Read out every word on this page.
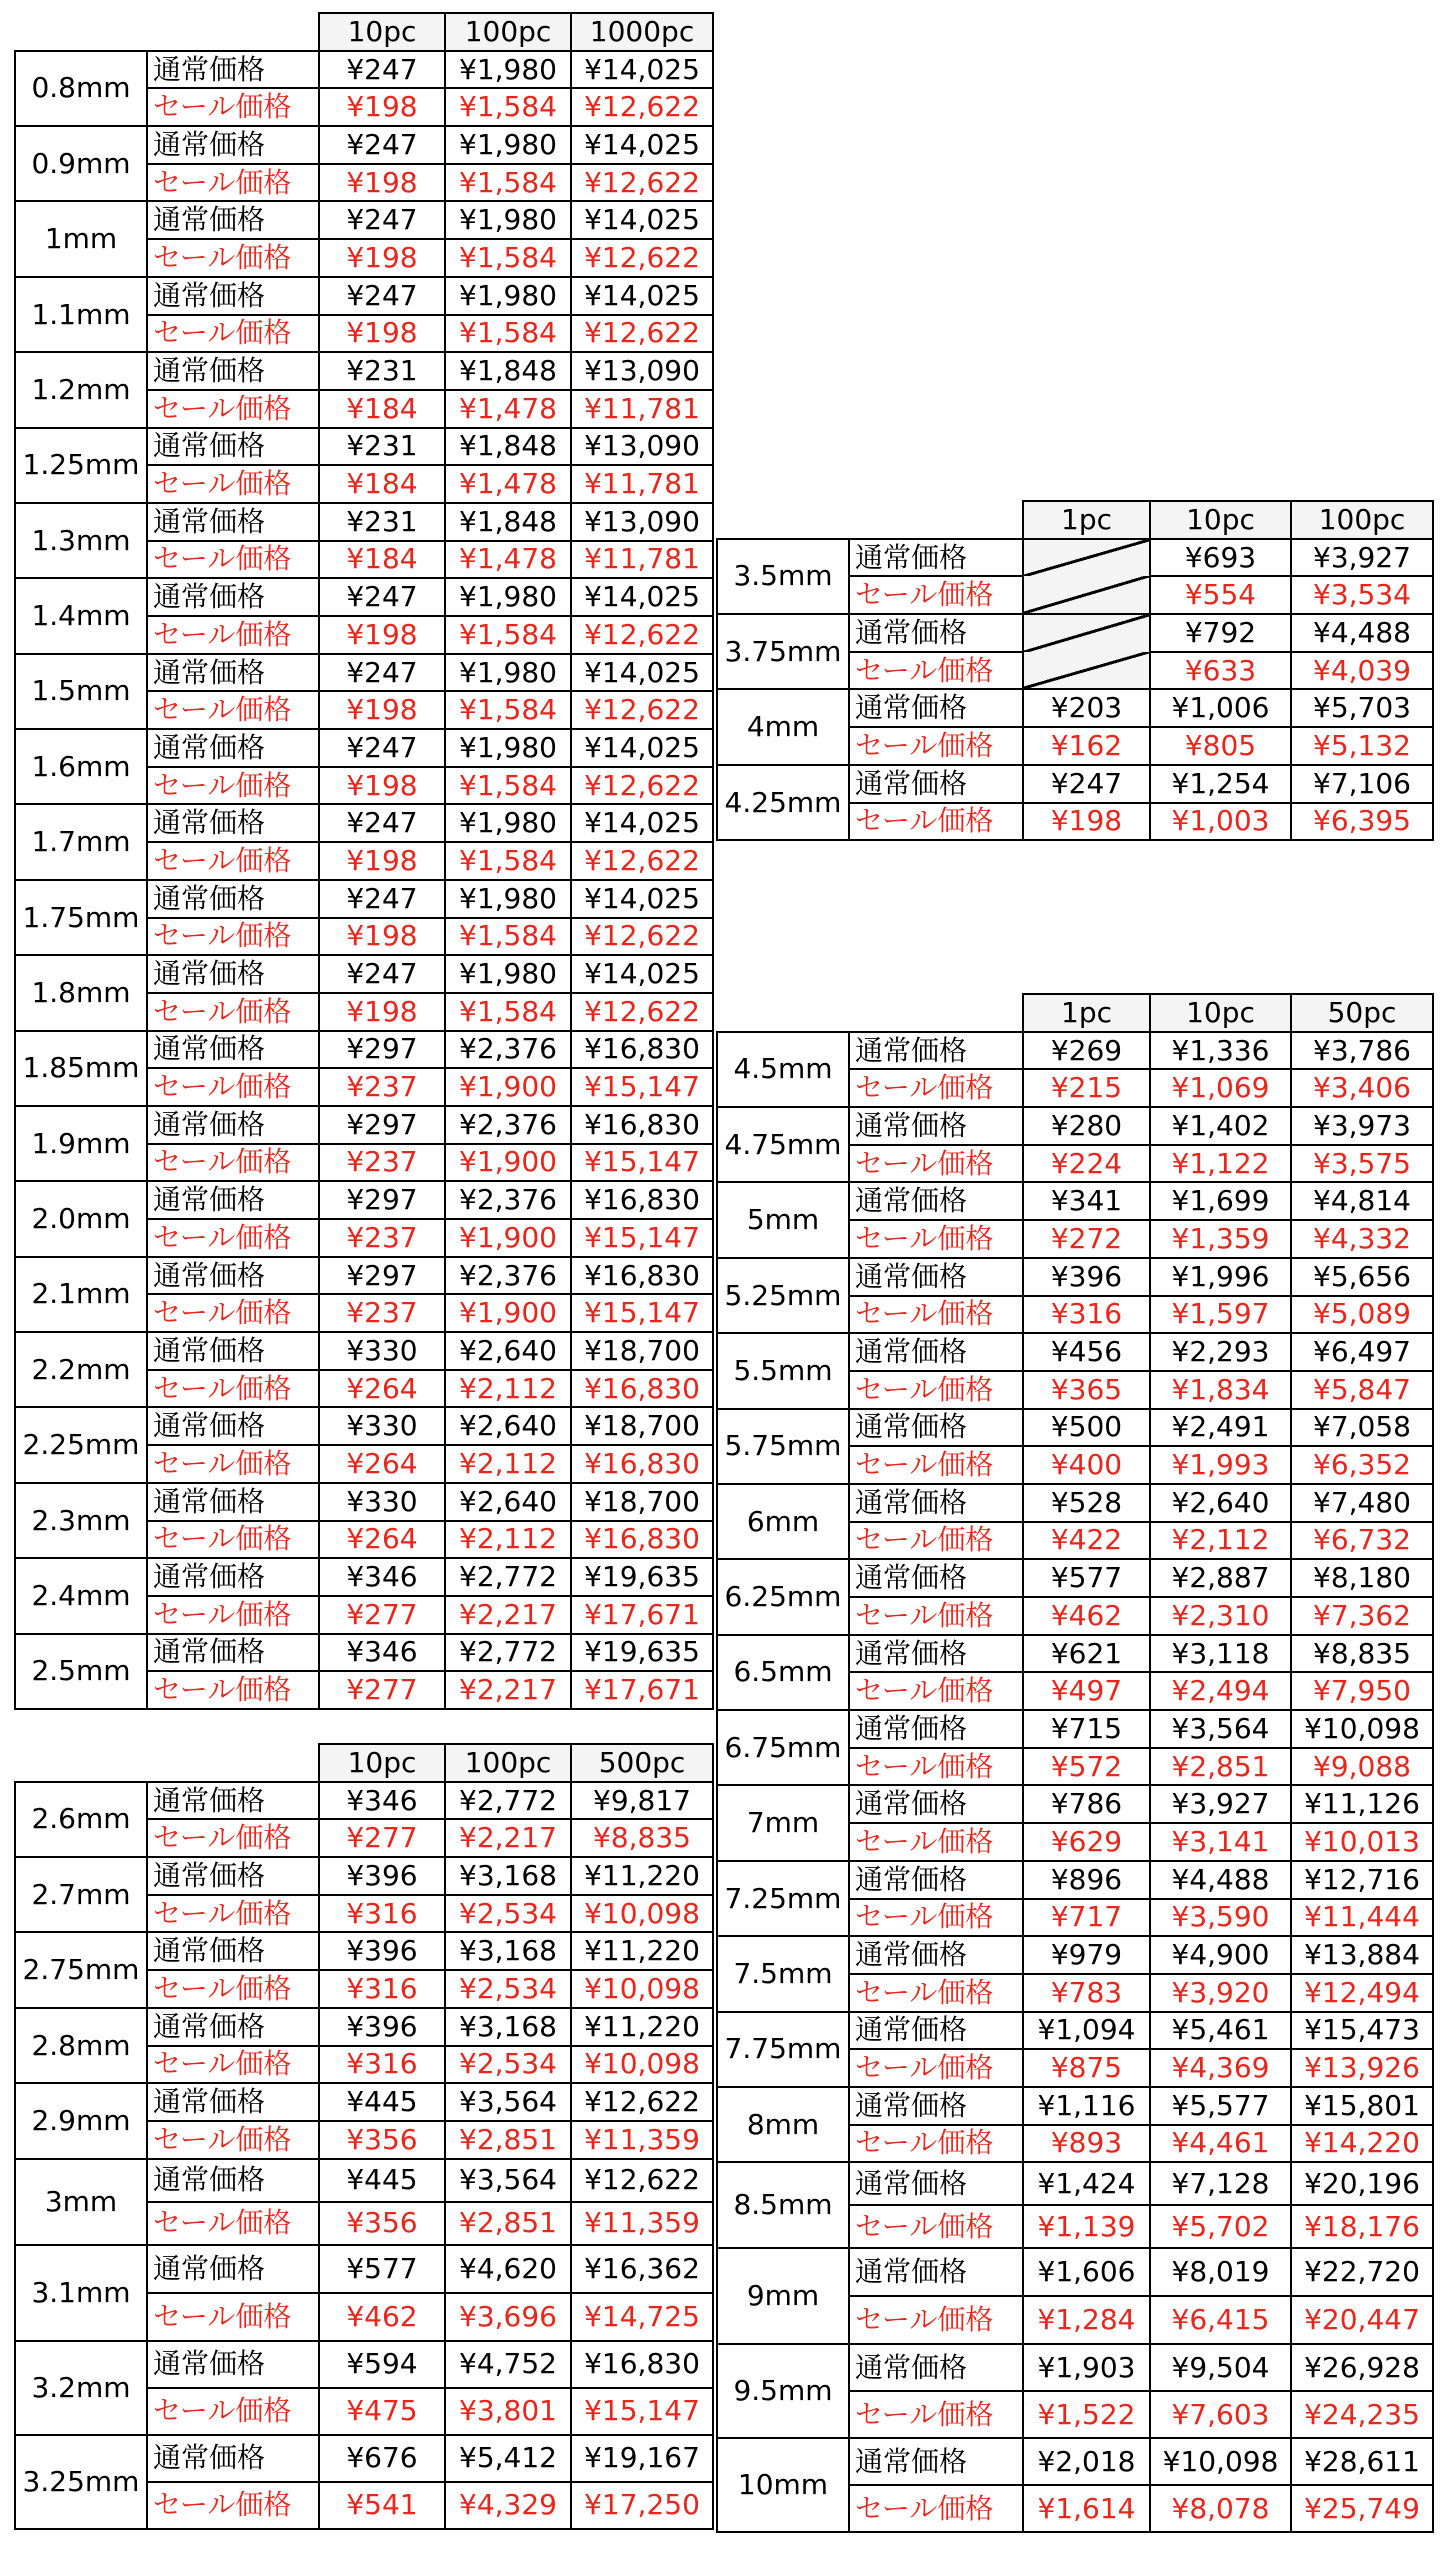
		10pc	100pc	1000pc
0.8mm	通常価格	¥247	¥1,980	¥14,025
	セール価格	¥198	¥1,584	¥12,622
0.9mm	通常価格	¥247	¥1,980	¥14,025
	セール価格	¥198	¥1,584	¥12,622
1mm	通常価格	¥247	¥1,980	¥14,025
	セール価格	¥198	¥1,584	¥12,622
1.1mm	通常価格	¥247	¥1,980	¥14,025
	セール価格	¥198	¥1,584	¥12,622
1.2mm	通常価格	¥231	¥1,848	¥13,090
	セール価格	¥184	¥1,478	¥11,781
1.25mm	通常価格	¥231	¥1,848	¥13,090
	セール価格	¥184	¥1,478	¥11,781
1.3mm	通常価格	¥231	¥1,848	¥13,090
	セール価格	¥184	¥1,478	¥11,781
1.4mm	通常価格	¥247	¥1,980	¥14,025
	セール価格	¥198	¥1,584	¥12,622
1.5mm	通常価格	¥247	¥1,980	¥14,025
	セール価格	¥198	¥1,584	¥12,622
1.6mm	通常価格	¥247	¥1,980	¥14,025
	セール価格	¥198	¥1,584	¥12,622
1.7mm	通常価格	¥247	¥1,980	¥14,025
	セール価格	¥198	¥1,584	¥12,622
1.75mm	通常価格	¥247	¥1,980	¥14,025
	セール価格	¥198	¥1,584	¥12,622
1.8mm	通常価格	¥247	¥1,980	¥14,025
	セール価格	¥198	¥1,584	¥12,622
1.85mm	通常価格	¥297	¥2,376	¥16,830
	セール価格	¥237	¥1,900	¥15,147
1.9mm	通常価格	¥297	¥2,376	¥16,830
	セール価格	¥237	¥1,900	¥15,147
2.0mm	通常価格	¥297	¥2,376	¥16,830
	セール価格	¥237	¥1,900	¥15,147
2.1mm	通常価格	¥297	¥2,376	¥16,830
	セール価格	¥237	¥1,900	¥15,147
2.2mm	通常価格	¥330	¥2,640	¥18,700
	セール価格	¥264	¥2,112	¥16,830
2.25mm	通常価格	¥330	¥2,640	¥18,700
	セール価格	¥264	¥2,112	¥16,830
2.3mm	通常価格	¥330	¥2,640	¥18,700
	セール価格	¥264	¥2,112	¥16,830
2.4mm	通常価格	¥346	¥2,772	¥19,635
	セール価格	¥277	¥2,217	¥17,671
2.5mm	通常価格	¥346	¥2,772	¥19,635
	セール価格	¥277	¥2,217	¥17,671
		10pc	100pc	500pc
2.6mm	通常価格	¥346	¥2,772	¥9,817
	セール価格	¥277	¥2,217	¥8,835
2.7mm	通常価格	¥396	¥3,168	¥11,220
	セール価格	¥316	¥2,534	¥10,098
2.75mm	通常価格	¥396	¥3,168	¥11,220
	セール価格	¥316	¥2,534	¥10,098
2.8mm	通常価格	¥396	¥3,168	¥11,220
	セール価格	¥316	¥2,534	¥10,098
2.9mm	通常価格	¥445	¥3,564	¥12,622
	セール価格	¥356	¥2,851	¥11,359
3mm	通常価格	¥445	¥3,564	¥12,622
	セール価格	¥356	¥2,851	¥11,359
3.1mm	通常価格	¥577	¥4,620	¥16,362
	セール価格	¥462	¥3,696	¥14,725
3.2mm	通常価格	¥594	¥4,752	¥16,830
	セール価格	¥475	¥3,801	¥15,147
3.25mm	通常価格	¥676	¥5,412	¥19,167
	セール価格	¥541	¥4,329	¥17,250
		1pc	10pc	100pc
3.5mm	通常価格		¥693	¥3,927
	セール価格		¥554	¥3,534
3.75mm	通常価格		¥792	¥4,488
	セール価格		¥633	¥4,039
4mm	通常価格	¥203	¥1,006	¥5,703
	セール価格	¥162	¥805	¥5,132
4.25mm	通常価格	¥247	¥1,254	¥7,106
	セール価格	¥198	¥1,003	¥6,395
		1pc	10pc	50pc
4.5mm	通常価格	¥269	¥1,336	¥3,786
	セール価格	¥215	¥1,069	¥3,406
4.75mm	通常価格	¥280	¥1,402	¥3,973
	セール価格	¥224	¥1,122	¥3,575
5mm	通常価格	¥341	¥1,699	¥4,814
	セール価格	¥272	¥1,359	¥4,332
5.25mm	通常価格	¥396	¥1,996	¥5,656
	セール価格	¥316	¥1,597	¥5,089
5.5mm	通常価格	¥456	¥2,293	¥6,497
	セール価格	¥365	¥1,834	¥5,847
5.75mm	通常価格	¥500	¥2,491	¥7,058
	セール価格	¥400	¥1,993	¥6,352
6mm	通常価格	¥528	¥2,640	¥7,480
	セール価格	¥422	¥2,112	¥6,732
6.25mm	通常価格	¥577	¥2,887	¥8,180
	セール価格	¥462	¥2,310	¥7,362
6.5mm	通常価格	¥621	¥3,118	¥8,835
	セール価格	¥497	¥2,494	¥7,950
6.75mm	通常価格	¥715	¥3,564	¥10,098
	セール価格	¥572	¥2,851	¥9,088
7mm	通常価格	¥786	¥3,927	¥11,126
	セール価格	¥629	¥3,141	¥10,013
7.25mm	通常価格	¥896	¥4,488	¥12,716
	セール価格	¥717	¥3,590	¥11,444
7.5mm	通常価格	¥979	¥4,900	¥13,884
	セール価格	¥783	¥3,920	¥12,494
7.75mm	通常価格	¥1,094	¥5,461	¥15,473
	セール価格	¥875	¥4,369	¥13,926
8mm	通常価格	¥1,116	¥5,577	¥15,801
	セール価格	¥893	¥4,461	¥14,220
8.5mm	通常価格	¥1,424	¥7,128	¥20,196
	セール価格	¥1,139	¥5,702	¥18,176
9mm	通常価格	¥1,606	¥8,019	¥22,720
	セール価格	¥1,284	¥6,415	¥20,447
9.5mm	通常価格	¥1,903	¥9,504	¥26,928
	セール価格	¥1,522	¥7,603	¥24,235
10mm	通常価格	¥2,018	¥10,098	¥28,611
	セール価格	¥1,614	¥8,078	¥25,749
